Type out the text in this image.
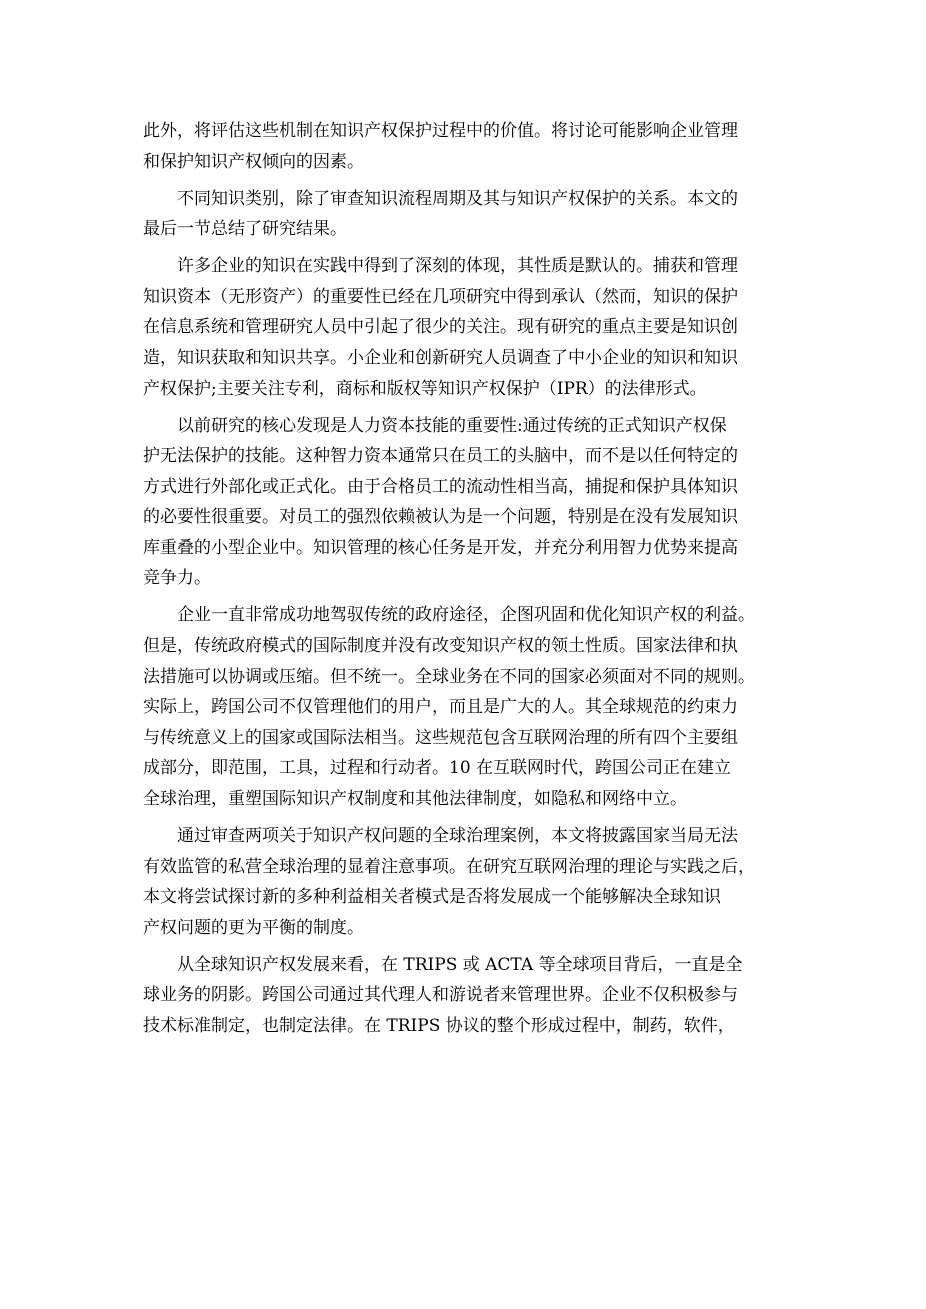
此外，将评估这些机制在知识产权保护过程中的价值。将讨论可能影响企业管理
和保护知识产权倾向的因素。

不同知识类别，除了审查知识流程周期及其与知识产权保护的关系。本文的
最后一节总结了研究结果。

许多企业的知识在实践中得到了深刻的体现，其性质是默认的。捕获和管理
知识资本（无形资产）的重要性已经在几项研究中得到承认（然而，知识的保护
在信息系统和管理研究人员中引起了很少的关注。现有研究的重点主要是知识创
造，知识获取和知识共享。小企业和创新研究人员调查了中小企业的知识和知识
产权保护;主要关注专利，商标和版权等知识产权保护（IPR）的法律形式。

以前研究的核心发现是人力资本技能的重要性:通过传统的正式知识产权保
护无法保护的技能。这种智力资本通常只在员工的头脑中，而不是以任何特定的
方式进行外部化或正式化。由于合格员工的流动性相当高，捕捉和保护具体知识
的必要性很重要。对员工的强烈依赖被认为是一个问题，特别是在没有发展知识
库重叠的小型企业中。知识管理的核心任务是开发，并充分利用智力优势来提高
竞争力。

企业一直非常成功地驾驭传统的政府途径，企图巩固和优化知识产权的利益。
但是，传统政府模式的国际制度并没有改变知识产权的领土性质。国家法律和执
法措施可以协调或压缩。但不统一。全球业务在不同的国家必须面对不同的规则。
实际上，跨国公司不仅管理他们的用户，而且是广大的人。其全球规范的约束力
与传统意义上的国家或国际法相当。这些规范包含互联网治理的所有四个主要组
成部分，即范围，工具，过程和行动者。10 在互联网时代，跨国公司正在建立
全球治理，重塑国际知识产权制度和其他法律制度，如隐私和网络中立。

通过审查两项关于知识产权问题的全球治理案例，本文将披露国家当局无法
有效监管的私营全球治理的显着注意事项。在研究互联网治理的理论与实践之后，
本文将尝试探讨新的多种利益相关者模式是否将发展成一个能够解决全球知识
产权问题的更为平衡的制度。

从全球知识产权发展来看，在 TRIPS 或 ACTA 等全球项目背后，一直是全
球业务的阴影。跨国公司通过其代理人和游说者来管理世界。企业不仅积极参与
技术标准制定，也制定法律。在 TRIPS 协议的整个形成过程中，制药，软件，
